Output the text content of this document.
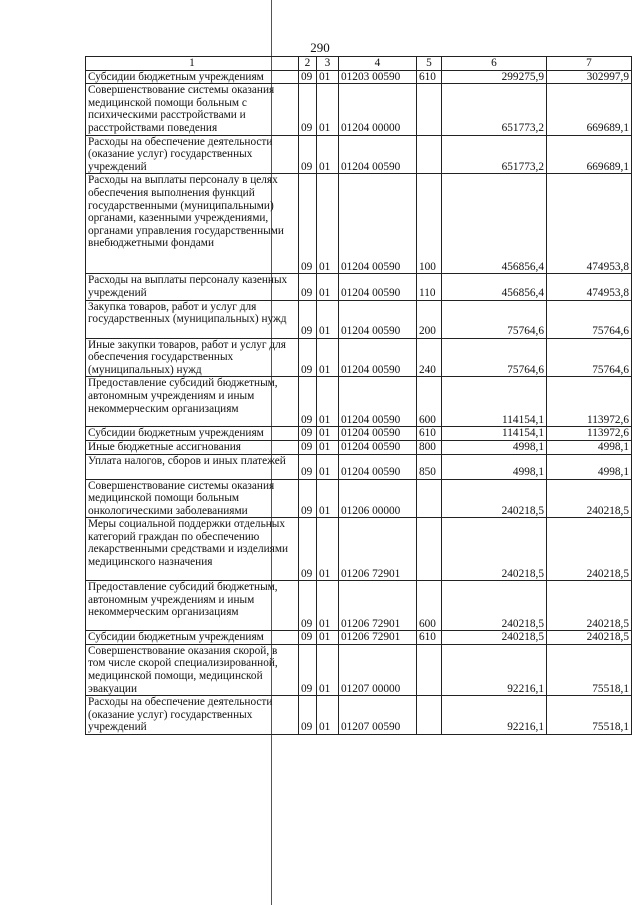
290
1	2	3	4	5	6	7
Субсидии бюджетным учреждениям	09	01	01203 00590	610	299275,9	302997,9
Совершенствование системы оказания медицинской помощи больным с психическими расстройствами и расстройствами поведения	09	01	01204 00000		651773,2	669689,1
Расходы на обеспечение деятельности (оказание услуг) государственных учреждений	09	01	01204 00590		651773,2	669689,1
Расходы на выплаты персоналу в целях обеспечения выполнения функций государственными (муниципальными) органами, казенными учреждениями, органами управления государственными внебюджетными фондами	09	01	01204 00590	100	456856,4	474953,8
Расходы на выплаты персоналу казенных учреждений	09	01	01204 00590	110	456856,4	474953,8
Закупка товаров, работ и услуг для государственных (муниципальных) нужд	09	01	01204 00590	200	75764,6	75764,6
Иные закупки товаров, работ и услуг для обеспечения государственных (муниципальных) нужд	09	01	01204 00590	240	75764,6	75764,6
Предоставление субсидий бюджетным, автономным учреждениям и иным некоммерческим организациям	09	01	01204 00590	600	114154,1	113972,6
Субсидии бюджетным учреждениям	09	01	01204 00590	610	114154,1	113972,6
Иные бюджетные ассигнования	09	01	01204 00590	800	4998,1	4998,1
Уплата налогов, сборов и иных платежей	09	01	01204 00590	850	4998,1	4998,1
Совершенствование системы оказания медицинской помощи больным онкологическими заболеваниями	09	01	01206 00000		240218,5	240218,5
Меры социальной поддержки отдельных категорий граждан по обеспечению лекарственными средствами и изделиями медицинского назначения	09	01	01206 72901		240218,5	240218,5
Предоставление субсидий бюджетным, автономным учреждениям и иным некоммерческим организациям	09	01	01206 72901	600	240218,5	240218,5
Субсидии бюджетным учреждениям	09	01	01206 72901	610	240218,5	240218,5
Совершенствование оказания скорой, в том числе скорой специализированной, медицинской помощи, медицинской эвакуации	09	01	01207 00000		92216,1	75518,1
Расходы на обеспечение деятельности (оказание услуг) государственных учреждений	09	01	01207 00590		92216,1	75518,1
